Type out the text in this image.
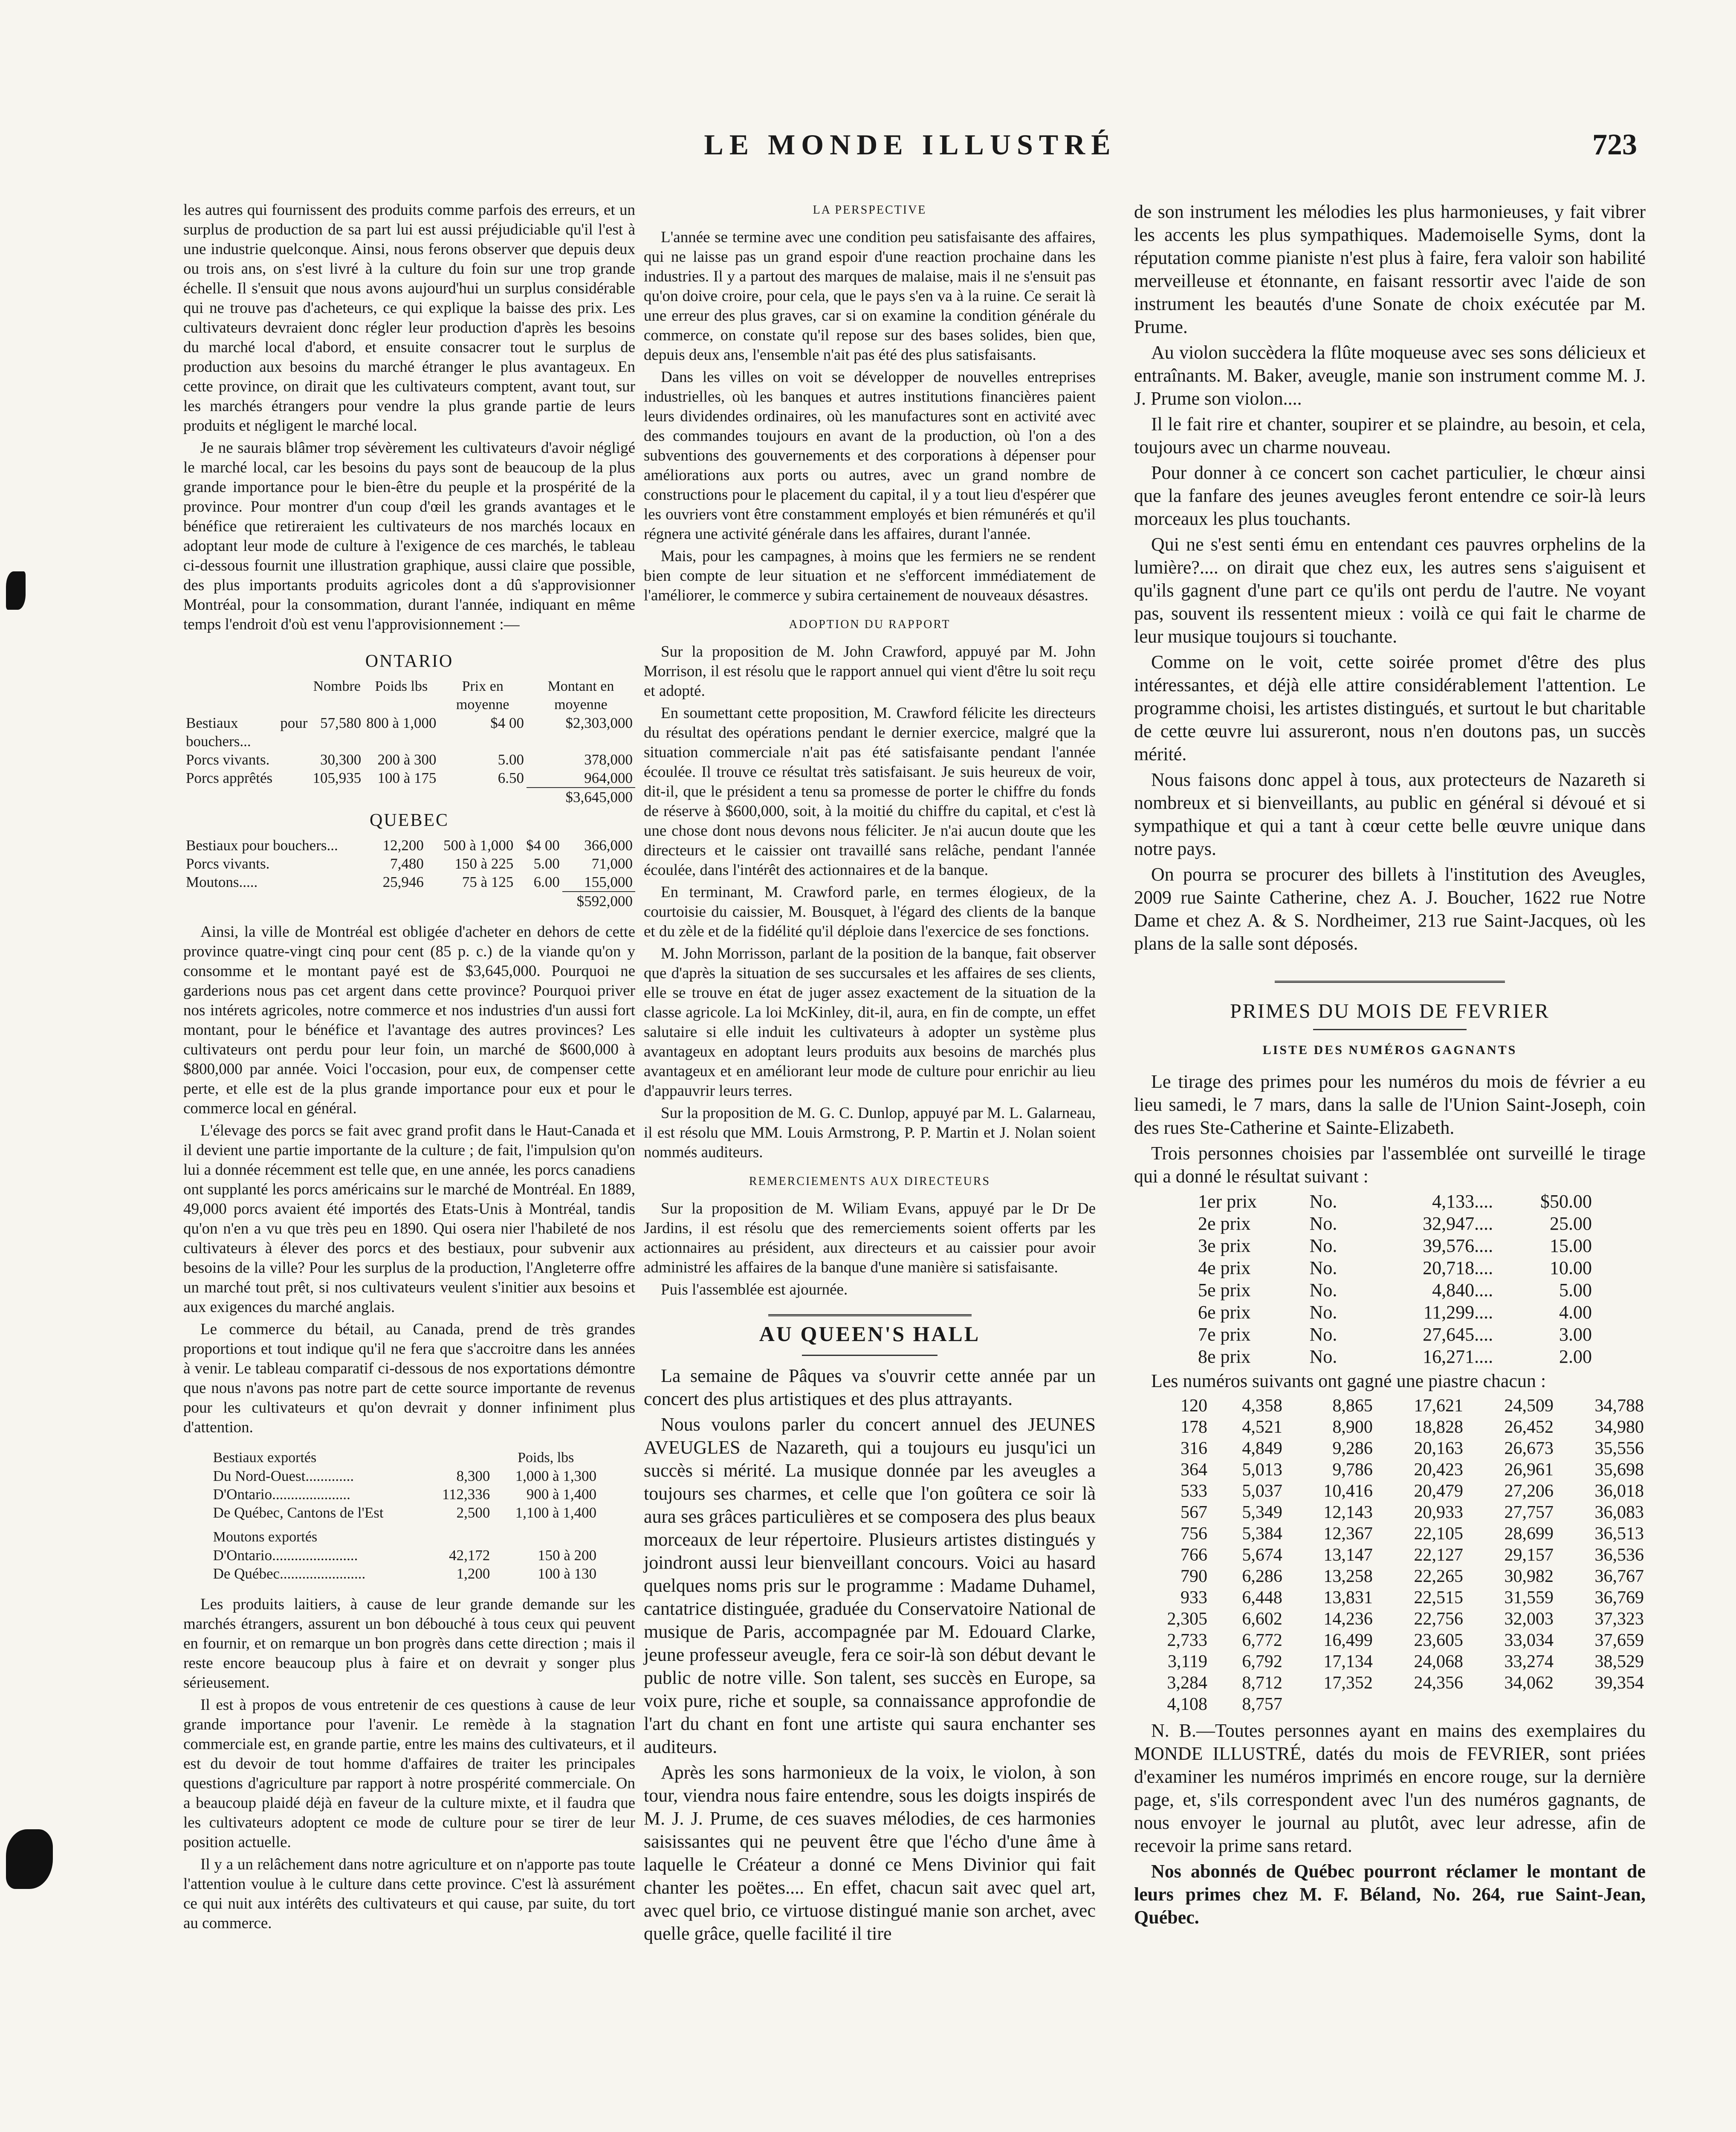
LE MONDE ILLUSTRÉ	723

les autres qui fournissent des produits comme parfois des erreurs, et un surplus de production de sa part lui est aussi préjudiciable qu'il l'est à une industrie quelconque. Ainsi, nous ferons observer que depuis deux ou trois ans, on s'est livré à la culture du foin sur une trop grande échelle. Il s'ensuit que nous avons aujourd'hui un surplus considérable qui ne trouve pas d'acheteurs, ce qui explique la baisse des prix. Les cultivateurs devraient donc régler leur production d'après les besoins du marché local d'abord, et ensuite consacrer tout le surplus de production aux besoins du marché étranger le plus avantageux. En cette province, on dirait que les cultivateurs comptent, avant tout, sur les marchés étrangers pour vendre la plus grande partie de leurs produits et négligent le marché local.

Je ne saurais blâmer trop sévèrement les cultivateurs d'avoir négligé le marché local, car les besoins du pays sont de beaucoup de la plus grande importance pour le bien-être du peuple et la prospérité de la province. Pour montrer d'un coup d'œil les grands avantages et le bénéfice que retireraient les cultivateurs de nos marchés locaux en adoptant leur mode de culture à l'exigence de ces marchés, le tableau ci-dessous fournit une illustration graphique, aussi claire que possible, des plus importants produits agricoles dont a dû s'approvisionner Montréal, pour la consommation, durant l'année, indiquant en même temps l'endroit d'où est venu l'approvisionnement :—

ONTARIO
	Nombre	Poids lbs	Prix en moyenne	Montant en moyenne
Bestiaux pour bouchers...	57,580	800 à 1,000	$4 00	$2,303,000
Porcs vivants.	30,300	200 à 300	5.00	378,000
Porcs apprêtés	105,935	100 à 175	6.50	964,000
				$3,645,000
QUEBEC
Bestiaux pour bouchers...	12,200	500 à 1,000	$4 00	366,000
Porcs vivants.	7,480	150 à 225	5.00	71,000
Moutons.....	25,946	75 à 125	6.00	155,000
				$592,000

Ainsi, la ville de Montréal est obligée d'acheter en dehors de cette province quatre-vingt cinq pour cent (85 p. c.) de la viande qu'on y consomme et le montant payé est de $3,645,000. Pourquoi ne garderions nous pas cet argent dans cette province? Pourquoi priver nos intérets agricoles, notre commerce et nos industries d'un aussi fort montant, pour le bénéfice et l'avantage des autres provinces? Les cultivateurs ont perdu pour leur foin, un marché de $600,000 à $800,000 par année. Voici l'occasion, pour eux, de compenser cette perte, et elle est de la plus grande importance pour eux et pour le commerce local en général.

L'élevage des porcs se fait avec grand profit dans le Haut-Canada et il devient une partie importante de la culture ; de fait, l'impulsion qu'on lui a donnée récemment est telle que, en une année, les porcs canadiens ont supplanté les porcs américains sur le marché de Montréal. En 1889, 49,000 porcs avaient été importés des Etats-Unis à Montréal, tandis qu'on n'en a vu que très peu en 1890. Qui osera nier l'habileté de nos cultivateurs à élever des porcs et des bestiaux, pour subvenir aux besoins de la ville? Pour les surplus de la production, l'Angleterre offre un marché tout prêt, si nos cultivateurs veulent s'initier aux besoins et aux exigences du marché anglais.

Le commerce du bétail, au Canada, prend de très grandes proportions et tout indique qu'il ne fera que s'accroitre dans les années à venir. Le tableau comparatif ci-dessous de nos exportations démontre que nous n'avons pas notre part de cette source importante de revenus pour les cultivateurs et qu'on devrait y donner infiniment plus d'attention.

Bestiaux exportés		Poids, lbs
Du Nord-Ouest.............	8,300	1,000 à 1,300
D'Ontario.....................	112,336	900 à 1,400
De Québec, Cantons de l'Est	2,500	1,100 à 1,400
Moutons exportés		
D'Ontario.......................	42,172	150 à 200
De Québec.......................	1,200	100 à 130

Les produits laitiers, à cause de leur grande demande sur les marchés étrangers, assurent un bon débouché à tous ceux qui peuvent en fournir, et on remarque un bon progrès dans cette direction ; mais il reste encore beaucoup plus à faire et on devrait y songer plus sérieusement.

Il est à propos de vous entretenir de ces questions à cause de leur grande importance pour l'avenir. Le remède à la stagnation commerciale est, en grande partie, entre les mains des cultivateurs, et il est du devoir de tout homme d'affaires de traiter les principales questions d'agriculture par rapport à notre prospérité commerciale. On a beaucoup plaidé déjà en faveur de la culture mixte, et il faudra que les cultivateurs adoptent ce mode de culture pour se tirer de leur position actuelle.

Il y a un relâchement dans notre agriculture et on n'apporte pas toute l'attention voulue à le culture dans cette province. C'est là assurément ce qui nuit aux intérêts des cultivateurs et qui cause, par suite, du tort au commerce.

LA PERSPECTIVE

L'année se termine avec une condition peu satisfaisante des affaires, qui ne laisse pas un grand espoir d'une reaction prochaine dans les industries. Il y a partout des marques de malaise, mais il ne s'ensuit pas qu'on doive croire, pour cela, que le pays s'en va à la ruine. Ce serait là une erreur des plus graves, car si on examine la condition générale du commerce, on constate qu'il repose sur des bases solides, bien que, depuis deux ans, l'ensemble n'ait pas été des plus satisfaisants.

Dans les villes on voit se développer de nouvelles entreprises industrielles, où les banques et autres institutions financières paient leurs dividendes ordinaires, où les manufactures sont en activité avec des commandes toujours en avant de la production, où l'on a des subventions des gouvernements et des corporations à dépenser pour améliorations aux ports ou autres, avec un grand nombre de constructions pour le placement du capital, il y a tout lieu d'espérer que les ouvriers vont être constamment employés et bien rémunérés et qu'il régnera une activité générale dans les affaires, durant l'année.

Mais, pour les campagnes, à moins que les fermiers ne se rendent bien compte de leur situation et ne s'efforcent immédiatement de l'améliorer, le commerce y subira certainement de nouveaux désastres.

ADOPTION DU RAPPORT

Sur la proposition de M. John Crawford, appuyé par M. John Morrison, il est résolu que le rapport annuel qui vient d'être lu soit reçu et adopté.

En soumettant cette proposition, M. Crawford félicite les directeurs du résultat des opérations pendant le dernier exercice, malgré que la situation commerciale n'ait pas été satisfaisante pendant l'année écoulée. Il trouve ce résultat très satisfaisant. Je suis heureux de voir, dit-il, que le président a tenu sa promesse de porter le chiffre du fonds de réserve à $600,000, soit, à la moitié du chiffre du capital, et c'est là une chose dont nous devons nous féliciter. Je n'ai aucun doute que les directeurs et le caissier ont travaillé sans relâche, pendant l'année écoulée, dans l'intérêt des actionnaires et de la banque.

En terminant, M. Crawford parle, en termes élogieux, de la courtoisie du caissier, M. Bousquet, à l'égard des clients de la banque et du zèle et de la fidélité qu'il déploie dans l'exercice de ses fonctions.

M. John Morrisson, parlant de la position de la banque, fait observer que d'après la situation de ses succursales et les affaires de ses clients, elle se trouve en état de juger assez exactement de la situation de la classe agricole. La loi McKinley, dit-il, aura, en fin de compte, un effet salutaire si elle induit les cultivateurs à adopter un système plus avantageux en adoptant leurs produits aux besoins de marchés plus avantageux et en améliorant leur mode de culture pour enrichir au lieu d'appauvrir leurs terres.

Sur la proposition de M. G. C. Dunlop, appuyé par M. L. Galarneau, il est résolu que MM. Louis Armstrong, P. P. Martin et J. Nolan soient nommés auditeurs.

REMERCIEMENTS AUX DIRECTEURS

Sur la proposition de M. Wiliam Evans, appuyé par le Dr De Jardins, il est résolu que des remerciements soient offerts par les actionnaires au président, aux directeurs et au caissier pour avoir administré les affaires de la banque d'une manière si satisfaisante.

Puis l'assemblée est ajournée.

AU QUEEN'S HALL

La semaine de Pâques va s'ouvrir cette année par un concert des plus artistiques et des plus attrayants.

Nous voulons parler du concert annuel des JEUNES AVEUGLES de Nazareth, qui a toujours eu jusqu'ici un succès si mérité. La musique donnée par les aveugles a toujours ses charmes, et celle que l'on goûtera ce soir là aura ses grâces particulières et se composera des plus beaux morceaux de leur répertoire. Plusieurs artistes distingués y joindront aussi leur bienveillant concours. Voici au hasard quelques noms pris sur le programme : Madame Duhamel, cantatrice distinguée, graduée du Conservatoire National de musique de Paris, accompagnée par M. Edouard Clarke, jeune professeur aveugle, fera ce soir-là son début devant le public de notre ville. Son talent, ses succès en Europe, sa voix pure, riche et souple, sa connaissance approfondie de l'art du chant en font une artiste qui saura enchanter ses auditeurs.

Après les sons harmonieux de la voix, le violon, à son tour, viendra nous faire entendre, sous les doigts inspirés de M. J. J. Prume, de ces suaves mélodies, de ces harmonies saisissantes qui ne peuvent être que l'écho d'une âme à laquelle le Créateur a donné ce Mens Divinior qui fait chanter les poëtes.... En effet, chacun sait avec quel art, avec quel brio, ce virtuose distingué manie son archet, avec quelle grâce, quelle facilité il tire

de son instrument les mélodies les plus harmonieuses, y fait vibrer les accents les plus sympathiques. Mademoiselle Syms, dont la réputation comme pianiste n'est plus à faire, fera valoir son habilité merveilleuse et étonnante, en faisant ressortir avec l'aide de son instrument les beautés d'une Sonate de choix exécutée par M. Prume.

Au violon succèdera la flûte moqueuse avec ses sons délicieux et entraînants. M. Baker, aveugle, manie son instrument comme M. J. J. Prume son violon....

Il le fait rire et chanter, soupirer et se plaindre, au besoin, et cela, toujours avec un charme nouveau.

Pour donner à ce concert son cachet particulier, le chœur ainsi que la fanfare des jeunes aveugles feront entendre ce soir-là leurs morceaux les plus touchants.

Qui ne s'est senti ému en entendant ces pauvres orphelins de la lumière?.... on dirait que chez eux, les autres sens s'aiguisent et qu'ils gagnent d'une part ce qu'ils ont perdu de l'autre. Ne voyant pas, souvent ils ressentent mieux : voilà ce qui fait le charme de leur musique toujours si touchante.

Comme on le voit, cette soirée promet d'être des plus intéressantes, et déjà elle attire considérablement l'attention. Le programme choisi, les artistes distingués, et surtout le but charitable de cette œuvre lui assureront, nous n'en doutons pas, un succès mérité.

Nous faisons donc appel à tous, aux protecteurs de Nazareth si nombreux et si bienveillants, au public en général si dévoué et si sympathique et qui a tant à cœur cette belle œuvre unique dans notre pays.

On pourra se procurer des billets à l'institution des Aveugles, 2009 rue Sainte Catherine, chez A. J. Boucher, 1622 rue Notre Dame et chez A. & S. Nordheimer, 213 rue Saint-Jacques, où les plans de la salle sont déposés.

PRIMES DU MOIS DE FEVRIER
LISTE DES NUMÉROS GAGNANTS

Le tirage des primes pour les numéros du mois de février a eu lieu samedi, le 7 mars, dans la salle de l'Union Saint-Joseph, coin des rues Ste-Catherine et Sainte-Elizabeth.

Trois personnes choisies par l'assemblée ont surveillé le tirage qui a donné le résultat suivant :

1er prix	No.	4,133....	$50.00
2e prix	No.	32,947....	25.00
3e prix	No.	39,576....	15.00
4e prix	No.	20,718....	10.00
5e prix	No.	4,840....	5.00
6e prix	No.	11,299....	4.00
7e prix	No.	27,645....	3.00
8e prix	No.	16,271....	2.00

Les numéros suivants ont gagné une piastre chacun :

120	4,358	8,865	17,621	24,509	34,788
178	4,521	8,900	18,828	26,452	34,980
316	4,849	9,286	20,163	26,673	35,556
364	5,013	9,786	20,423	26,961	35,698
533	5,037	10,416	20,479	27,206	36,018
567	5,349	12,143	20,933	27,757	36,083
756	5,384	12,367	22,105	28,699	36,513
766	5,674	13,147	22,127	29,157	36,536
790	6,286	13,258	22,265	30,982	36,767
933	6,448	13,831	22,515	31,559	36,769
2,305	6,602	14,236	22,756	32,003	37,323
2,733	6,772	16,499	23,605	33,034	37,659
3,119	6,792	17,134	24,068	33,274	38,529
3,284	8,712	17,352	24,356	34,062	39,354
4,108	8,757				

N. B.—Toutes personnes ayant en mains des exemplaires du MONDE ILLUSTRÉ, datés du mois de FEVRIER, sont priées d'examiner les numéros imprimés en encore rouge, sur la dernière page, et, s'ils correspondent avec l'un des numéros gagnants, de nous envoyer le journal au plutôt, avec leur adresse, afin de recevoir la prime sans retard.

Nos abonnés de Québec pourront réclamer le montant de leurs primes chez M. F. Béland, No. 264, rue Saint-Jean, Québec.
